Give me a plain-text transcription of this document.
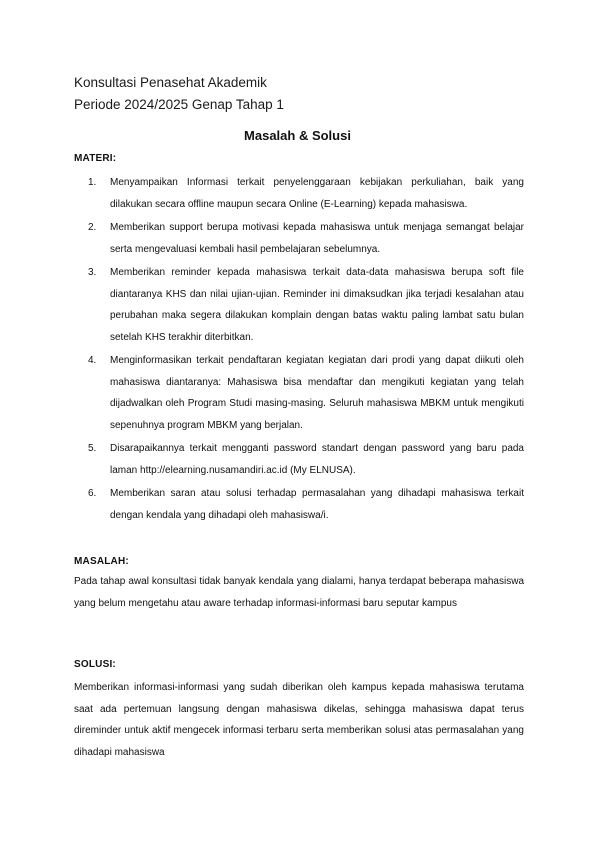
Konsultasi Penasehat Akademik
Periode 2024/2025 Genap Tahap 1
Masalah & Solusi
MATERI:
1. Menyampaikan Informasi terkait penyelenggaraan kebijakan perkuliahan, baik yang dilakukan secara offline maupun secara Online (E-Learning) kepada mahasiswa.
2. Memberikan support berupa motivasi kepada mahasiswa untuk menjaga semangat belajar serta mengevaluasi kembali hasil pembelajaran sebelumnya.
3. Memberikan reminder kepada mahasiswa terkait data-data mahasiswa berupa soft file diantaranya KHS dan nilai ujian-ujian. Reminder ini dimaksudkan jika terjadi kesalahan atau perubahan maka segera dilakukan komplain dengan batas waktu paling lambat satu bulan setelah KHS terakhir diterbitkan.
4. Menginformasikan terkait pendaftaran kegiatan kegiatan dari prodi yang dapat diikuti oleh mahasiswa diantaranya: Mahasiswa bisa mendaftar dan mengikuti kegiatan yang telah dijadwalkan oleh Program Studi masing-masing. Seluruh mahasiswa MBKM untuk mengikuti sepenuhnya program MBKM yang berjalan.
5. Disarapaikannya terkait mengganti password standart dengan password yang baru pada laman http://elearning.nusamandiri.ac.id (My ELNUSA).
6. Memberikan saran atau solusi terhadap permasalahan yang dihadapi mahasiswa terkait dengan kendala yang dihadapi oleh mahasiswa/i.
MASALAH:
Pada tahap awal konsultasi tidak banyak kendala yang dialami, hanya terdapat beberapa mahasiswa yang belum mengetahu atau aware terhadap informasi-informasi baru seputar kampus
SOLUSI:
Memberikan informasi-informasi yang sudah diberikan oleh kampus kepada mahasiswa terutama saat ada pertemuan langsung dengan mahasiswa dikelas, sehingga mahasiswa dapat terus direminder untuk aktif mengecek informasi terbaru serta memberikan solusi atas permasalahan yang dihadapi mahasiswa
